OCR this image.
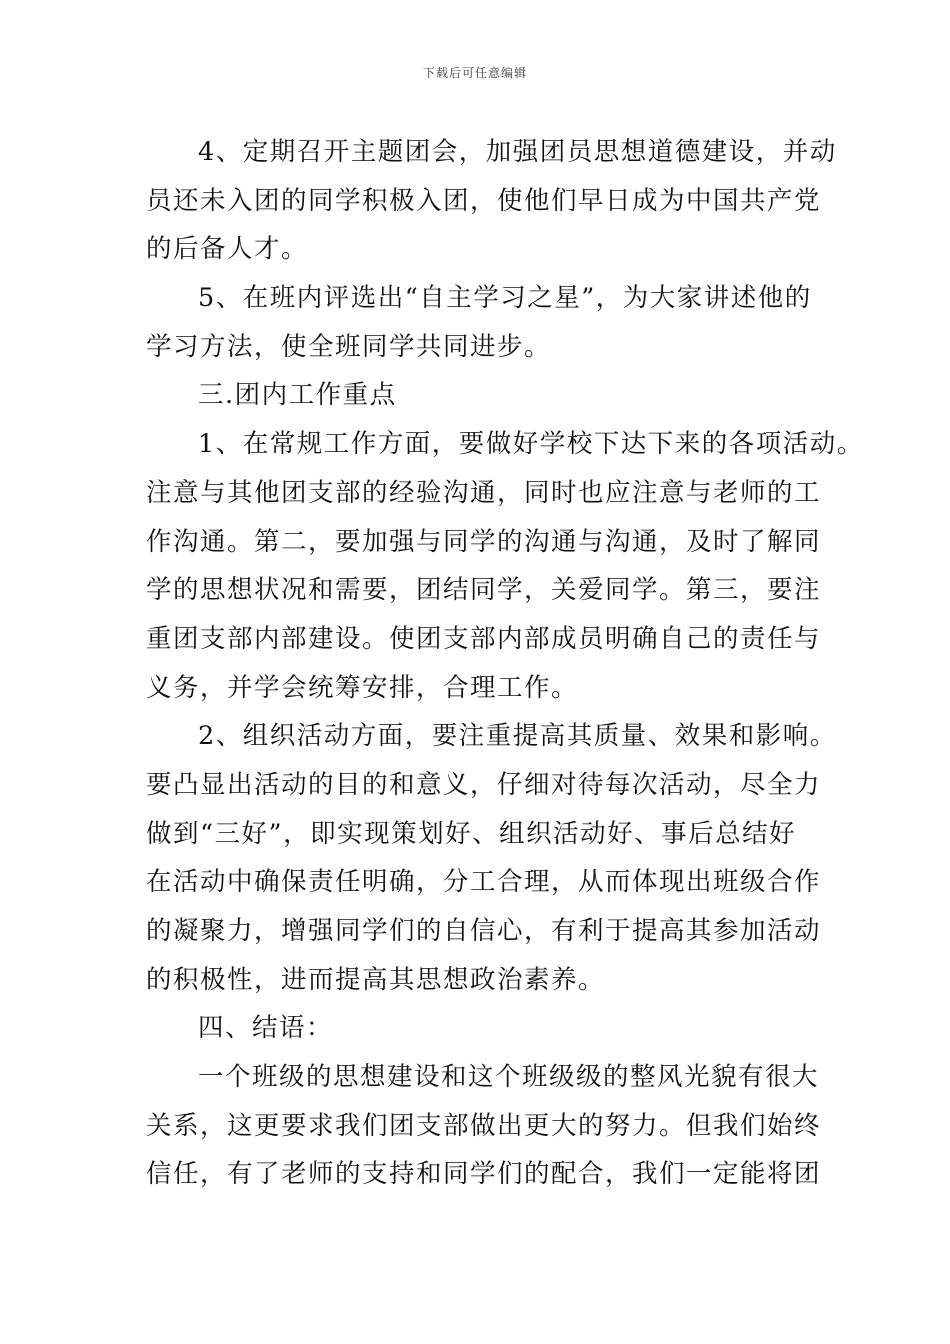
下载后可任意编辑
4、定期召开主题团会，加强团员思想道德建设，并动
员还未入团的同学积极入团，使他们早日成为中国共产党
的后备人才。
5、在班内评选出“自主学习之星”，为大家讲述他的
学习方法，使全班同学共同进步。
三.团内工作重点
1、在常规工作方面，要做好学校下达下来的各项活动。
注意与其他团支部的经验沟通，同时也应注意与老师的工
作沟通。第二，要加强与同学的沟通与沟通，及时了解同
学的思想状况和需要，团结同学，关爱同学。第三，要注
重团支部内部建设。使团支部内部成员明确自己的责任与
义务，并学会统筹安排，合理工作。
2、组织活动方面，要注重提高其质量、效果和影响。
要凸显出活动的目的和意义，仔细对待每次活动，尽全力
做到“三好”，即实现策划好、组织活动好、事后总结好
在活动中确保责任明确，分工合理，从而体现出班级合作
的凝聚力，增强同学们的自信心，有利于提高其参加活动
的积极性，进而提高其思想政治素养。
四、结语：
一个班级的思想建设和这个班级级的整风光貌有很大
关系，这更要求我们团支部做出更大的努力。但我们始终
信任，有了老师的支持和同学们的配合，我们一定能将团
